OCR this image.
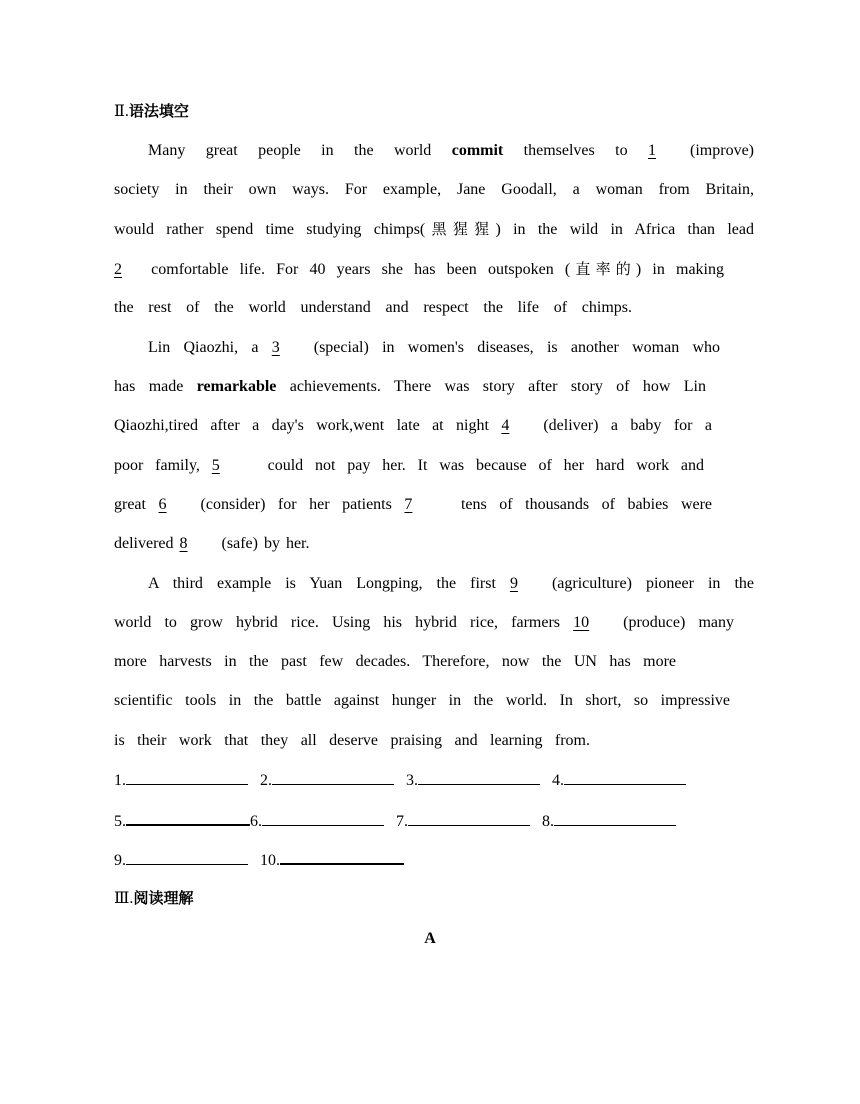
Ⅱ.语法填空
Many great people in the world commit themselves to 1 (improve)
society in their own ways. For example, Jane Goodall, a woman from Britain,
would rather spend time studying chimps(黑猩猩) in the wild in Africa than lead
2 comfortable life. For 40 years she has been outspoken (直率的) in making
the rest of the world understand and respect the life of chimps.
Lin Qiaozhi, a 3 (special) in women's diseases, is another woman who
has made remarkable achievements. There was story after story of how Lin
Qiaozhi,tired after a day's work,went late at night 4 (deliver) a baby for a
poor family, 5	could not pay her. It was because of her hard work and
great 6 (consider) for her patients 7	tens of thousands of babies were
delivered 8 (safe) by her.
A third example is Yuan Longping, the first 9 (agriculture) pioneer in the
world to grow hybrid rice. Using his hybrid rice, farmers 10 (produce) many
more harvests in the past few decades. Therefore, now the UN has more
scientific tools in the battle against hunger in the world. In short, so impressive
is their work that they all deserve praising and learning from.
1.	2.	3.	4.
5.	6.	7.	8.
9.	10.
Ⅲ.阅读理解
A
